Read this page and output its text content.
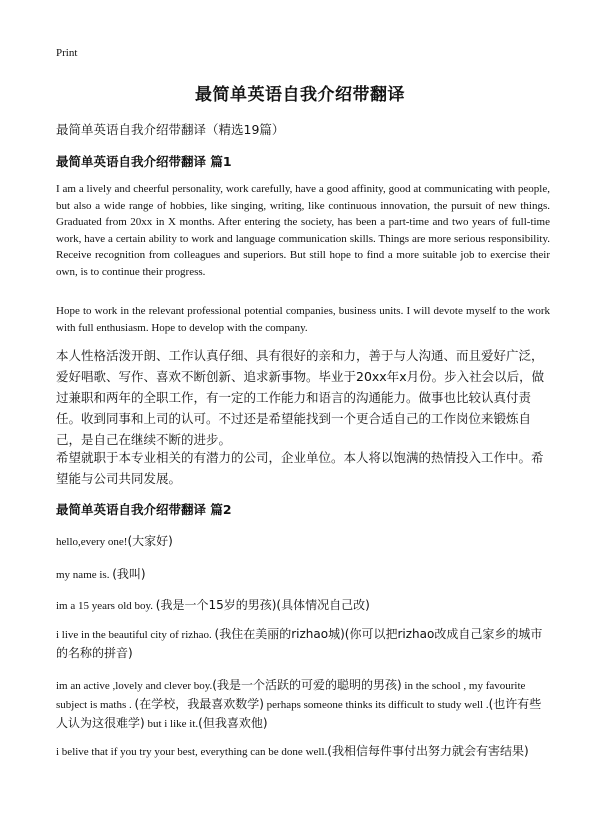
Print
最简单英语自我介绍带翻译
最简单英语自我介绍带翻译（精选19篇）
最简单英语自我介绍带翻译 篇1
I am a lively and cheerful personality, work carefully, have a good affinity, good at communicating with people, but also a wide range of hobbies, like singing, writing, like continuous innovation, the pursuit of new things. Graduated from 20xx in X months. After entering the society, has been a part-time and two years of full-time work, have a certain ability to work and language communication skills. Things are more serious responsibility. Receive recognition from colleagues and superiors. But still hope to find a more suitable job to exercise their own, is to continue their progress.
Hope to work in the relevant professional potential companies, business units. I will devote myself to the work with full enthusiasm. Hope to develop with the company.
本人性格活泼开朗、工作认真仔细、具有很好的亲和力，善于与人沟通、而且爱好广泛，爱好唱歌、写作、喜欢不断创新、追求新事物。毕业于20xx年x月份。步入社会以后，做过兼职和两年的全职工作，有一定的工作能力和语言的沟通能力。做事也比较认真付责任。收到同事和上司的认可。不过还是希望能找到一个更合适自己的工作岗位来锻炼自己，是自己在继续不断的进步。
希望就职于本专业相关的有潜力的公司，企业单位。本人将以饱满的热情投入工作中。希望能与公司共同发展。
最简单英语自我介绍带翻译 篇2
hello,every one!(大家好)
my name is. (我叫)
im a 15 years old boy. (我是一个15岁的男孩)(具体情况自己改)
i live in the beautiful city of rizhao. (我住在美丽的rizhao城)(你可以把rizhao改成自己家乡的城市的名称的拼音)
im an active ,lovely and clever boy.(我是一个活跃的可爱的聪明的男孩) in the school , my favourite subject is maths . (在学校，我最喜欢数学) perhaps someone thinks its difficult to study well .(也许有些人认为这很难学) but i like it.(但我喜欢他)
i belive that if you try your best, everything can be done well.(我相信每件事付出努力就会有害结果)
